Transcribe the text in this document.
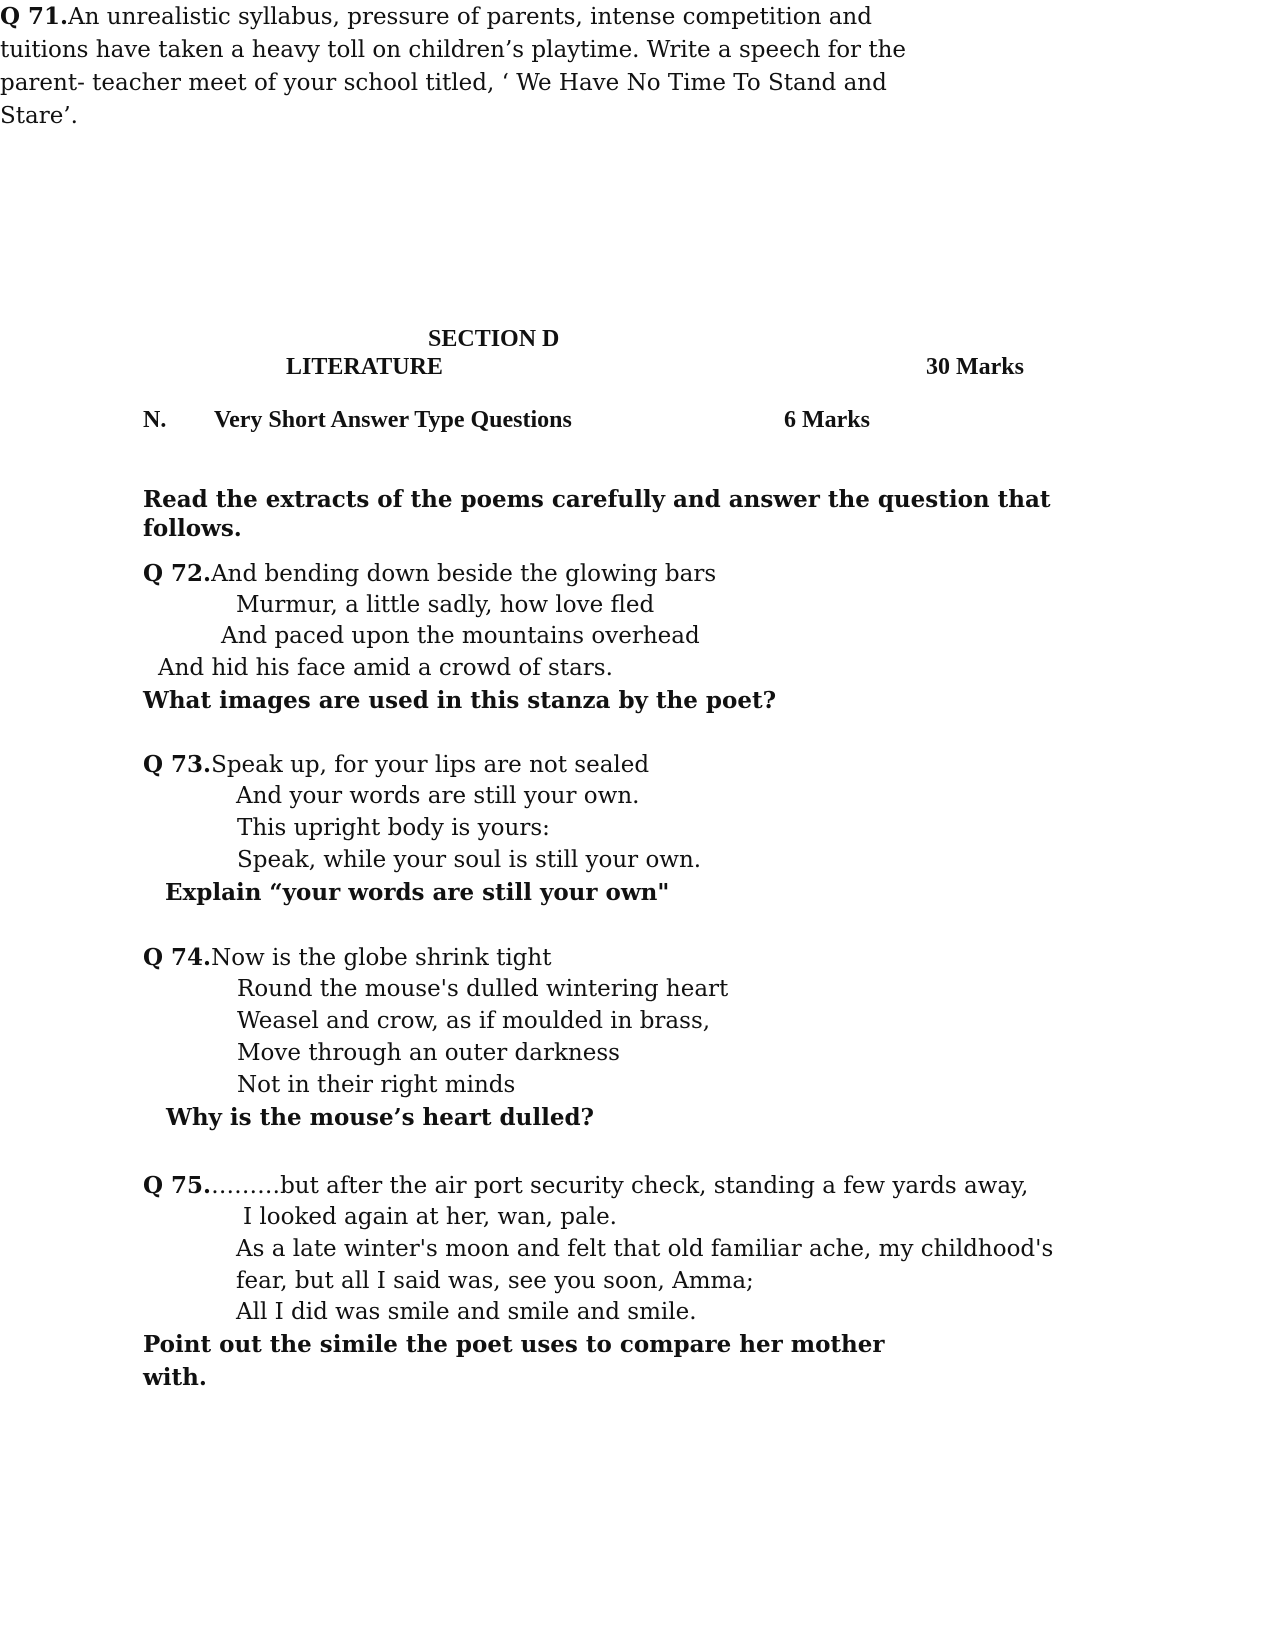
Q 71.An unrealistic syllabus, pressure of parents, intense competition and

tuitions have taken a heavy toll on children’s playtime. Write a speech for the

parent- teacher meet of your school titled, ‘ We Have No Time To Stand and

Stare’.

SECTION D
LITERATURE	30 Marks
N. Very Short Answer Type Questions	6 Marks
Read the extracts of the poems carefully and answer the question that
follows.
Q 72.And bending down beside the glowing bars
Murmur, a little sadly, how love fled
And paced upon the mountains overhead
And hid his face amid a crowd of stars.
What images are used in this stanza by the poet?
Q 73.Speak up, for your lips are not sealed
And your words are still your own.
This upright body is yours:
Speak, while your soul is still your own.
Explain “your words are still your own"
Q 74.Now is the globe shrink tight
Round the mouse's dulled wintering heart
Weasel and crow, as if moulded in brass,
Move through an outer darkness
Not in their right minds
Why is the mouse’s heart dulled?
Q 75.………but after the air port security check, standing a few yards away,
I looked again at her, wan, pale.
As a late winter's moon and felt that old familiar ache, my childhood's
fear, but all I said was, see you soon, Amma;
All I did was smile and smile and smile.
Point out the simile the poet uses to compare her mother
with.
